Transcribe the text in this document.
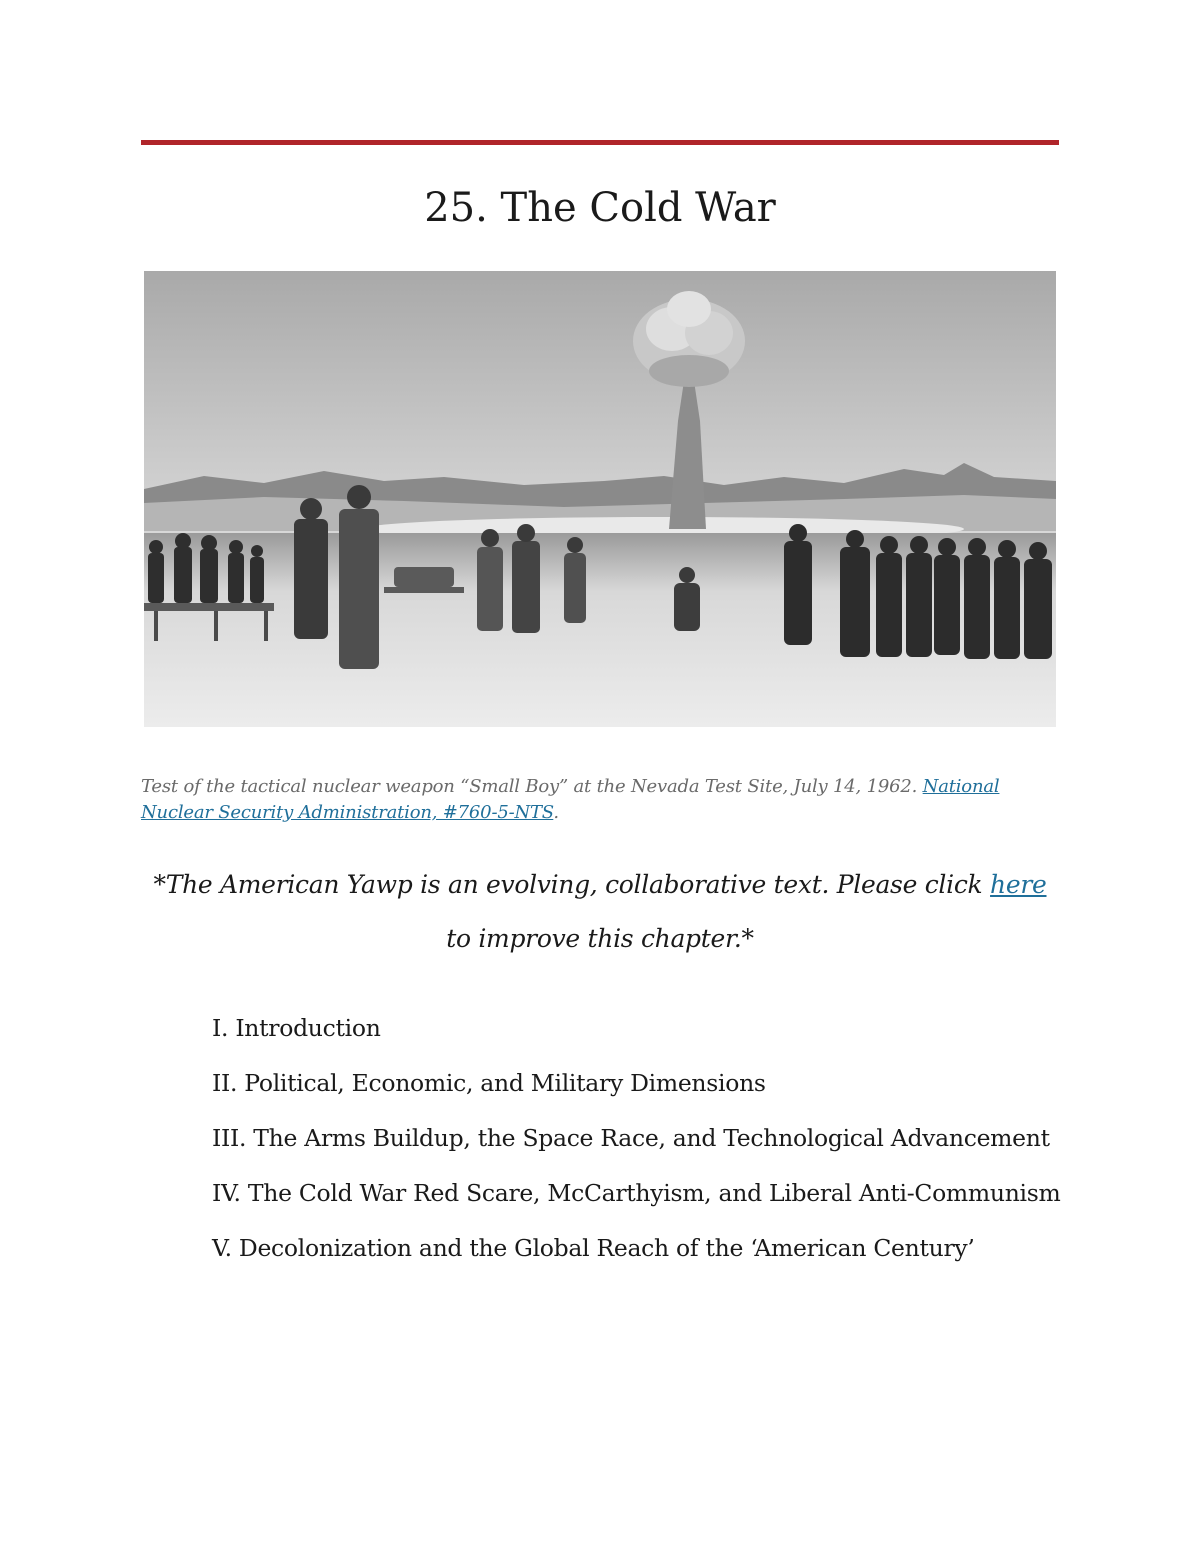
25. The Cold War

Test of the tactical nuclear weapon “Small Boy” at the Nevada Test Site, July 14, 1962. National Nuclear Security Administration, #760-5-NTS.

*The American Yawp is an evolving, collaborative text. Please click here to improve this chapter.*

I. Introduction
II. Political, Economic, and Military Dimensions
III. The Arms Buildup, the Space Race, and Technological Advancement
IV. The Cold War Red Scare, McCarthyism, and Liberal Anti-Communism
V. Decolonization and the Global Reach of the ‘American Century’
